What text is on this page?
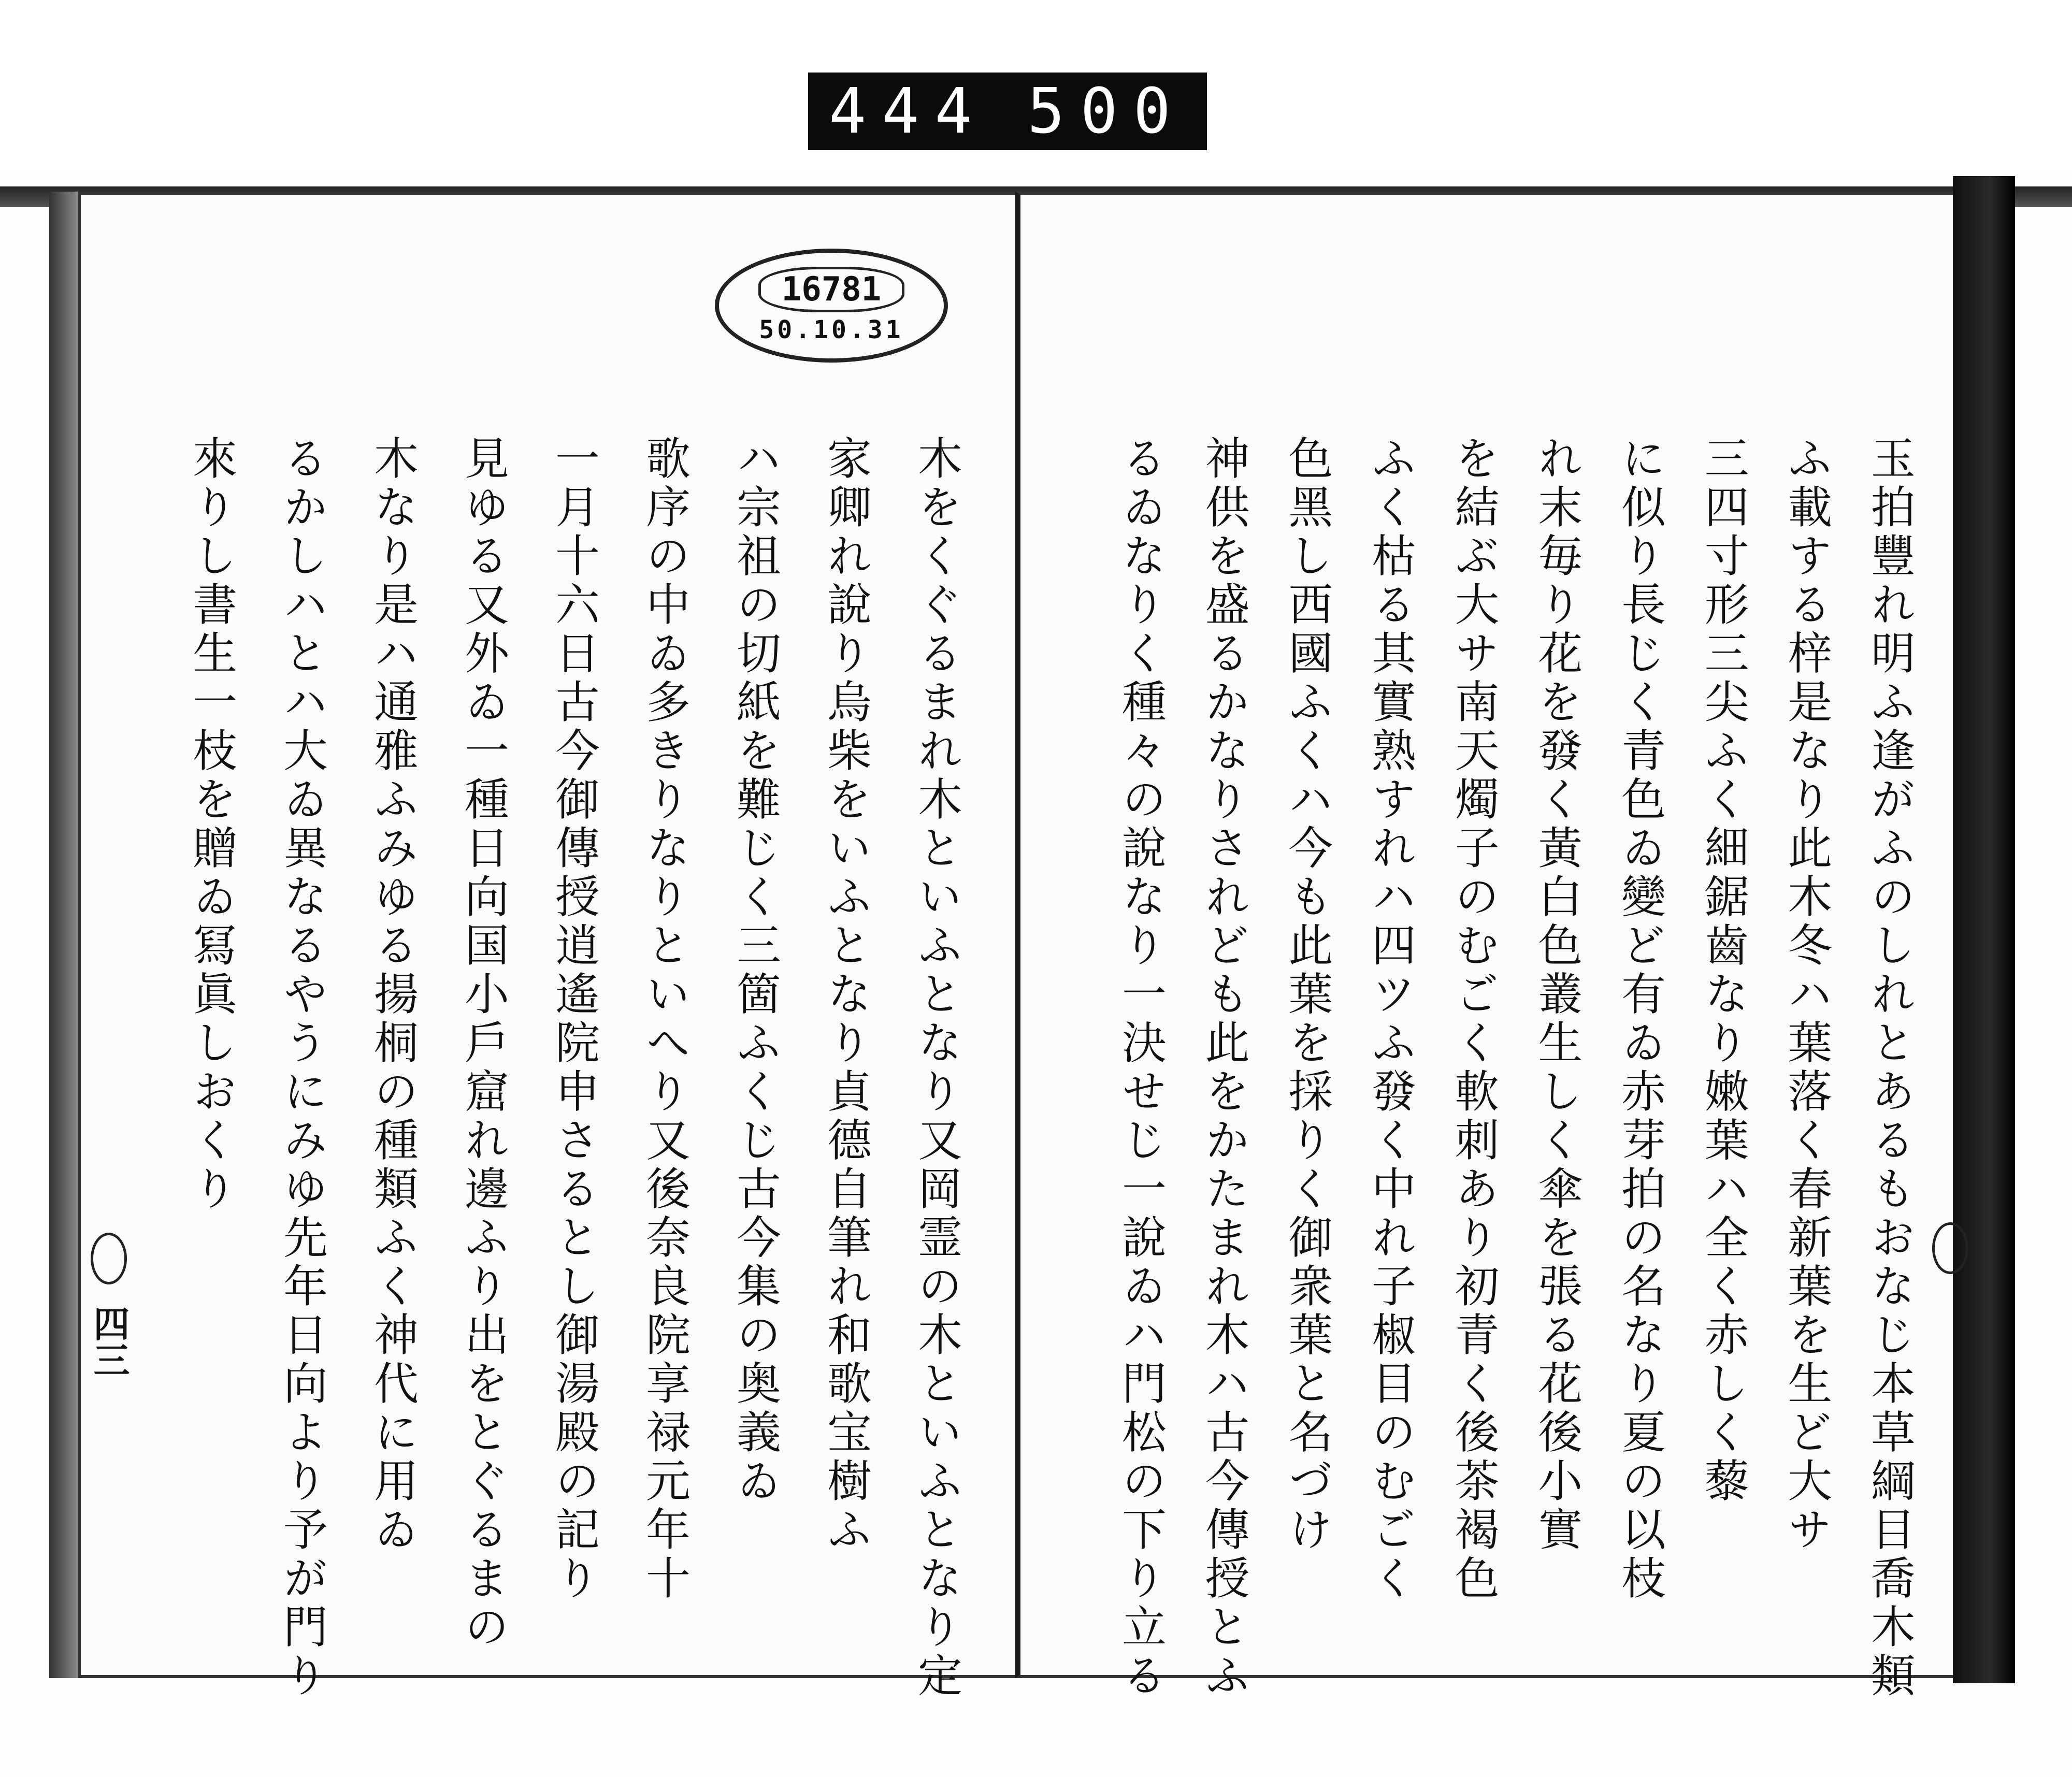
444 500
16781
50.10.31
四三	木をくぐるまれ木といふとなり又岡霊の木といふとなり定
家卿れ說り烏柴をいふとなり貞德自筆れ和歌宝樹ふ
ハ宗祖の切紙を難じく三箇ふくじ古今集の奥義ゐ
歌序の中ゐ多きりなりといへり又後奈良院享禄元年十
一月十六日古今御傳授逍遙院申さるとし御湯殿の記り
見ゆる又外ゐ一種日向国小戶窟れ邊ふり出をとぐるまの
木なり是ハ通雅ふみゆる揚桐の種類ふく神代に用ゐ
るかしハとハ大ゐ異なるやうにみゆ先年日向より予が門り
來りし書生一枝を贈ゐ冩眞しおくり	玉拍豐れ明ふ逢がふのしれとあるもおなじ本草綱目喬木類
ふ載する梓是なり此木冬ハ葉落く春新葉を生ど大サ
三四寸形三尖ふく細鋸齒なり嫩葉ハ全く赤しく藜
に似り長じく青色ゐ變ど有ゐ赤芽拍の名なり夏の以枝
れ末毎り花を發く黃白色叢生しく傘を張る花後小實
を結ぶ大サ南天燭子のむごく軟刺あり初青く後茶褐色
ふく枯る其實熟すれハ四ツふ發く中れ子椒目のむごく
色黑し西國ふくハ今も此葉を採りく御衆葉と名づけ
神供を盛るかなりされども此をかたまれ木ハ古今傳授とふ
るゐなりく種々の說なり一決せじ一說ゐハ門松の下り立る
